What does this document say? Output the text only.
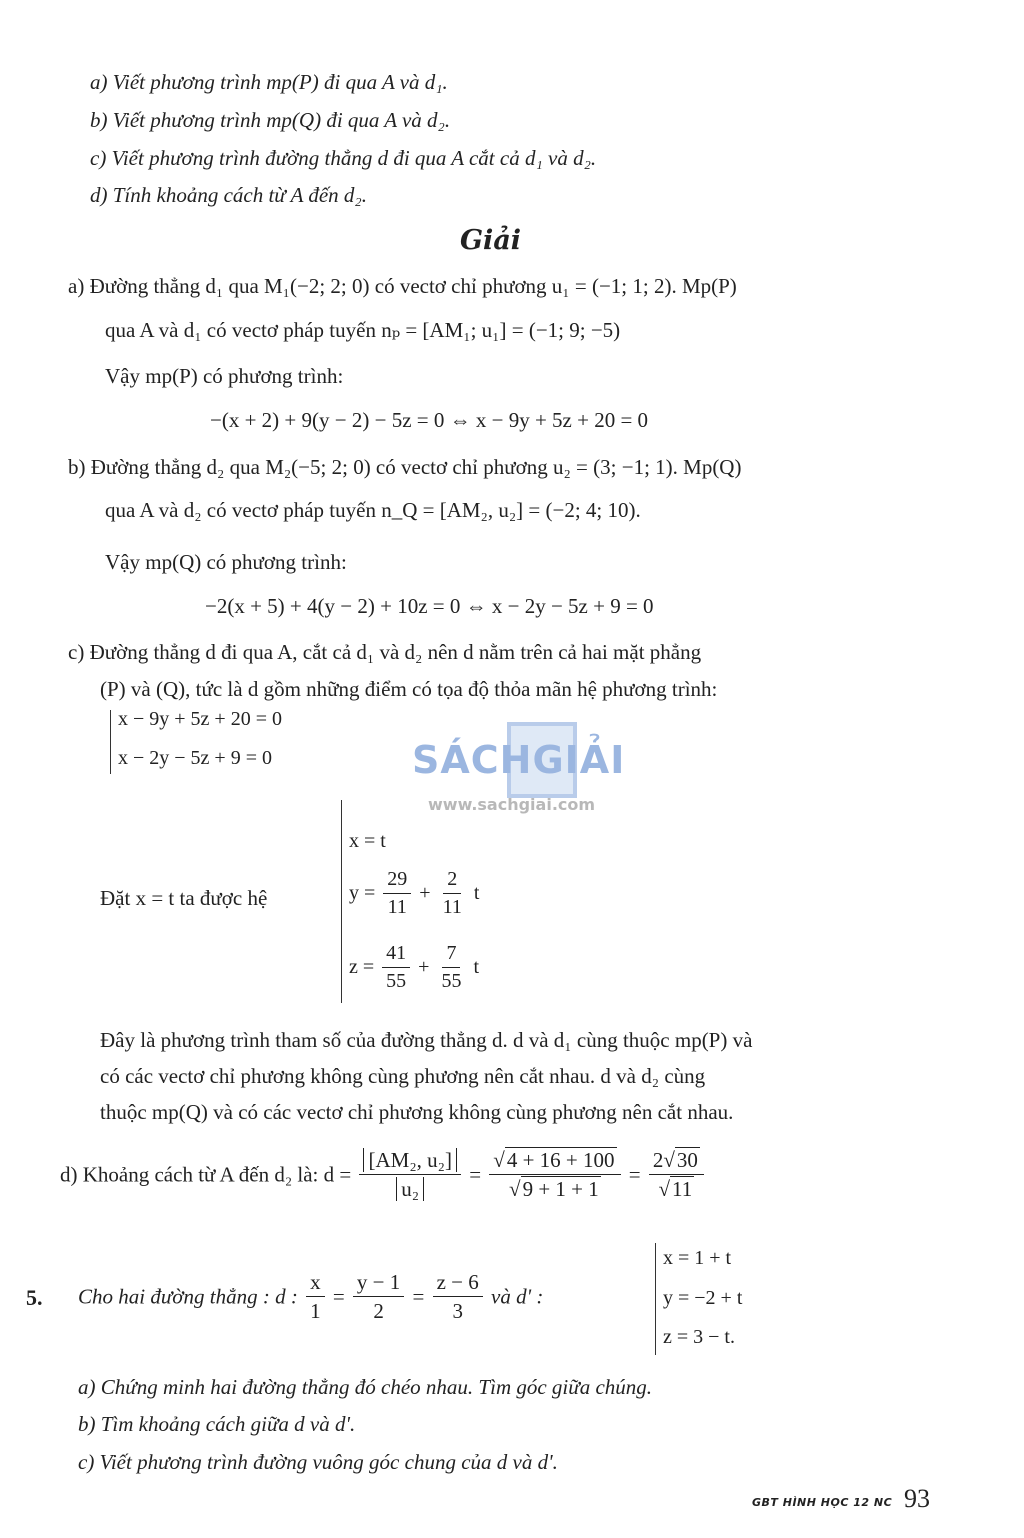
a) Viết phương trình mp(P) đi qua A và d₁.
b) Viết phương trình mp(Q) đi qua A và d₂.
c) Viết phương trình đường thẳng d đi qua A cắt cả d₁ và d₂.
d) Tính khoảng cách từ A đến d₂.
Giải
a) Đường thẳng d₁ qua M₁(−2; 2; 0) có vectơ chỉ phương u₁ = (−1; 1; 2). Mp(P)
qua A và d₁ có vectơ pháp tuyến nₚ = [AM₁; u₁] = (−1; 9; −5)
Vậy mp(P) có phương trình:
−(x + 2) + 9(y − 2) − 5z = 0 ⇔ x − 9y + 5z + 20 = 0
b) Đường thẳng d₂ qua M₂(−5; 2; 0) có vectơ chỉ phương u₂ = (3; −1; 1). Mp(Q)
qua A và d₂ có vectơ pháp tuyến n_Q = [AM₂, u₂] = (−2; 4; 10).
Vậy mp(Q) có phương trình:
−2(x + 5) + 4(y − 2) + 10z = 0 ⇔ x − 2y − 5z + 9 = 0
c) Đường thẳng d đi qua A, cắt cả d₁ và d₂ nên d nằm trên cả hai mặt phẳng
(P) và (Q), tức là d gồm những điểm có tọa độ thỏa mãn hệ phương trình:
x − 9y + 5z + 20 = 0
x − 2y − 5z + 9 = 0	SÁCHGIẢI
www.sachgiai.com
Đặt x = t ta được hệ
x = t
$y = \frac{29}{11} + \frac{2}{11}$ t
$z = \frac{41}{55} + \frac{7}{55}$ t
Đây là phương trình tham số của đường thẳng d. d và d₁ cùng thuộc mp(P) và
có các vectơ chỉ phương không cùng phương nên cắt nhau. d và d₂ cùng
thuộc mp(Q) và có các vectơ chỉ phương không cùng phương nên cắt nhau.
d) Khoảng cách từ A đến d₂ là: $d = \frac{\text{[AM₂, u₂]}}{\text{u₂}} = \frac{√4 + 16 + 100}{√9 + 1 + 1} = \frac{2√30}{√11}$
5. Cho hai đường thẳng : d : $\frac{x}{1} = \frac{y - 1}{2} = \frac{z - 6}{3}$ và d' :
x = 1 + t
y = −2 + t
z = 3 − t.
a) Chứng minh hai đường thẳng đó chéo nhau. Tìm góc giữa chúng.
b) Tìm khoảng cách giữa d và d'.
c) Viết phương trình đường vuông góc chung của d và d'.
GBT HÌNH HỌC 12 NC 93
